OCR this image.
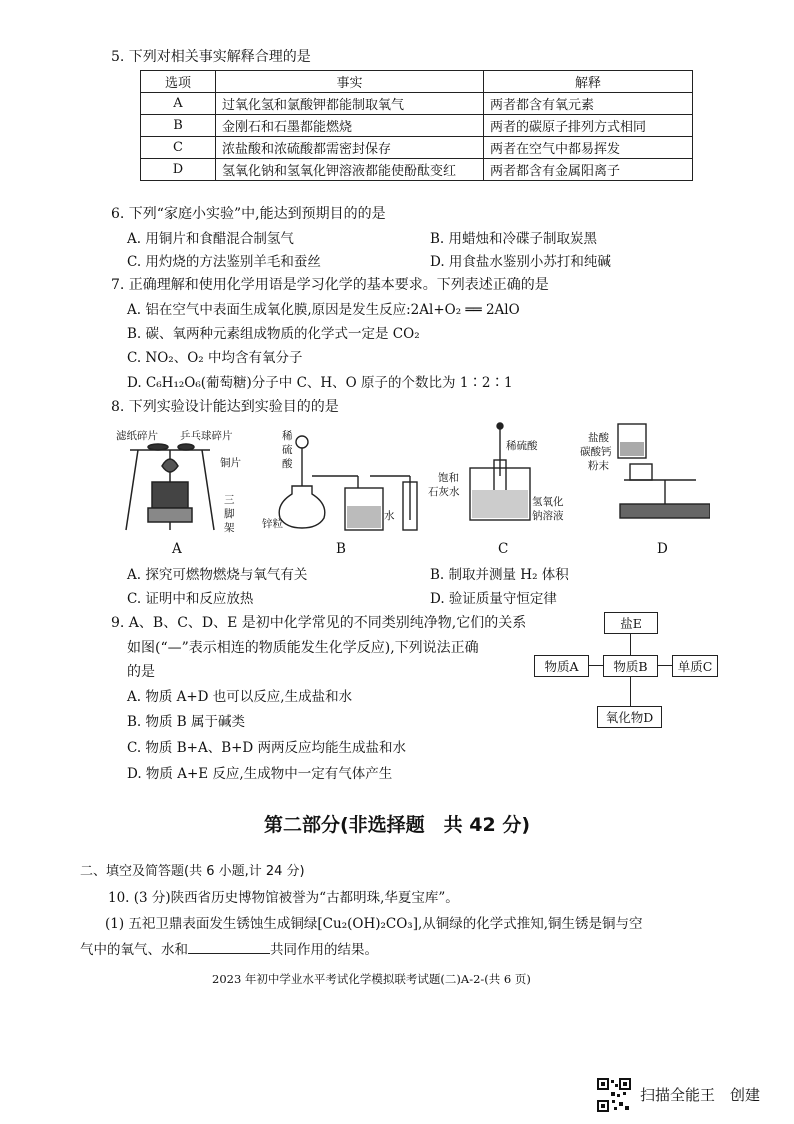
5. 下列对相关事实解释合理的是
选项	事实	解释
A	过氧化氢和氯酸钾都能制取氧气	两者都含有氧元素
B	金刚石和石墨都能燃烧	两者的碳原子排列方式相同
C	浓盐酸和浓硫酸都需密封保存	两者在空气中都易挥发
D	氢氧化钠和氢氧化钾溶液都能使酚酞变红	两者都含有金属阳离子
6. 下列“家庭小实验”中,能达到预期目的的是
A. 用铜片和食醋混合制氢气	B. 用蜡烛和冷碟子制取炭黑
C. 用灼烧的方法鉴别羊毛和蚕丝	D. 用食盐水鉴别小苏打和纯碱
7. 正确理解和使用化学用语是学习化学的基本要求。下列表述正确的是
A. 铝在空气中表面生成氧化膜,原因是发生反应:2Al+O₂ ══ 2AlO
B. 碳、氧两种元素组成物质的化学式一定是 CO₂
C. NO₂、O₂ 中均含有氧分子
D. C₆H₁₂O₆(葡萄糖)分子中 C、H、O 原子的个数比为 1∶2∶1
8. 下列实验设计能达到实验目的的是
滤纸碎片 乒乓球碎片
铜片
三
脚
架
稀
硫
酸
锌粒
水
稀硫酸
饱和
石灰水
氢氧化
钠溶液
盐酸
碳酸钙
粉末
A	B	C	D
A. 探究可燃物燃烧与氧气有关	B. 制取并测量 H₂ 体积
C. 证明中和反应放热	D. 验证质量守恒定律
9. A、B、C、D、E 是初中化学常见的不同类别纯净物,它们的关系
如图(“—”表示相连的物质能发生化学反应),下列说法正确
的是
A. 物质 A+D 也可以反应,生成盐和水
B. 物质 B 属于碱类
C. 物质 B+A、B+D 两两反应均能生成盐和水
D. 物质 A+E 反应,生成物中一定有气体产生
盐E
物质A	物质B	单质C
氧化物D
第二部分(非选择题　共 42 分)
二、填空及简答题(共 6 小题,计 24 分)
10. (3 分)陕西省历史博物馆被誉为“古都明珠,华夏宝库”。
(1) 五祀卫鼎表面发生锈蚀生成铜绿[Cu₂(OH)₂CO₃],从铜绿的化学式推知,铜生锈是铜与空
气中的氧气、水和	共同作用的结果。
2023 年初中学业水平考试化学模拟联考试题(二)A-2-(共 6 页)
扫描全能王　创建
